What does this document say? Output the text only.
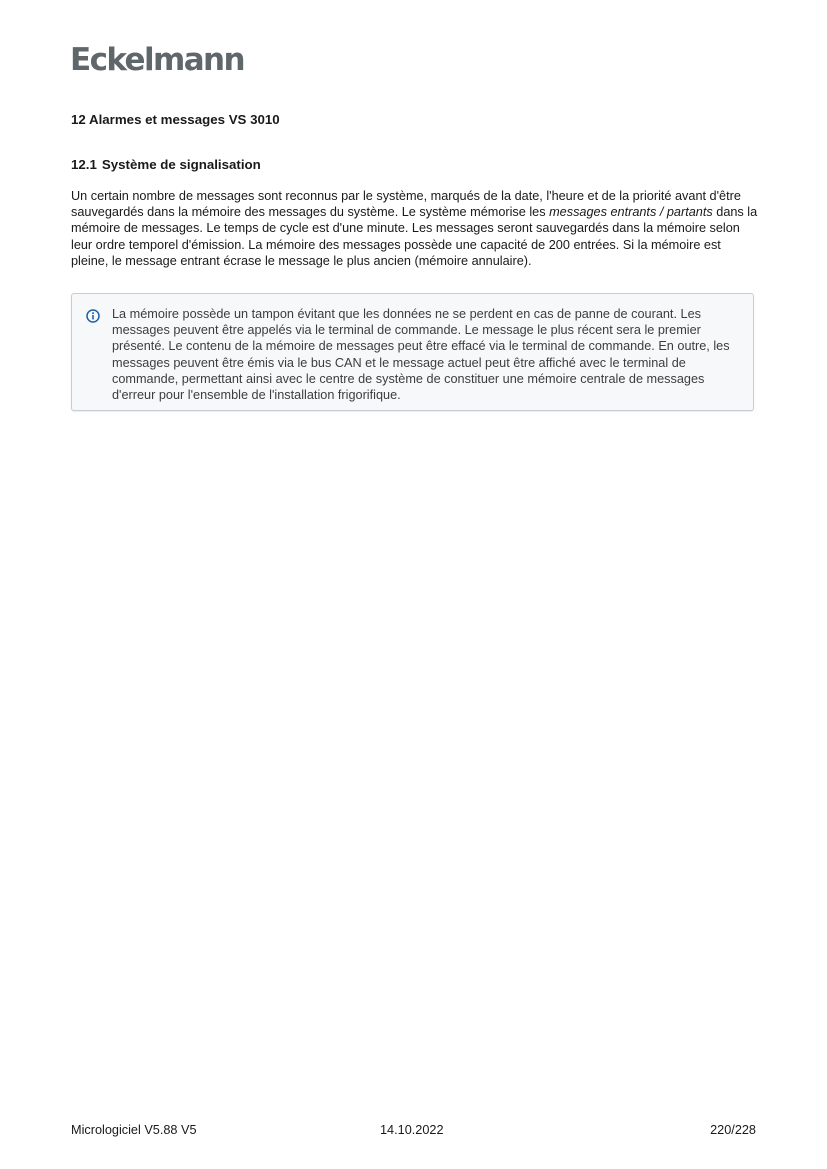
Eckelmann
12 Alarmes et messages VS 3010
12.1 Système de signalisation

Un certain nombre de messages sont reconnus par le système, marqués de la date, l'heure et de la priorité avant d'être sauvegardés dans la mémoire des messages du système. Le système mémorise les messages entrants / partants dans la mémoire de messages. Le temps de cycle est d'une minute. Les messages seront sauvegardés dans la mémoire selon leur ordre temporel d'émission. La mémoire des messages possède une capacité de 200 entrées. Si la mémoire est pleine, le message entrant écrase le message le plus ancien (mémoire annulaire).

La mémoire possède un tampon évitant que les données ne se perdent en cas de panne de courant. Les messages peuvent être appelés via le terminal de commande. Le message le plus récent sera le premier présenté. Le contenu de la mémoire de messages peut être effacé via le terminal de commande. En outre, les messages peuvent être émis via le bus CAN et le message actuel peut être affiché avec le terminal de commande, permettant ainsi avec le centre de système de constituer une mémoire centrale de messages d'erreur pour l'ensemble de l'installation frigorifique.

Micrologiciel V5.88 V5	14.10.2022	220/228
